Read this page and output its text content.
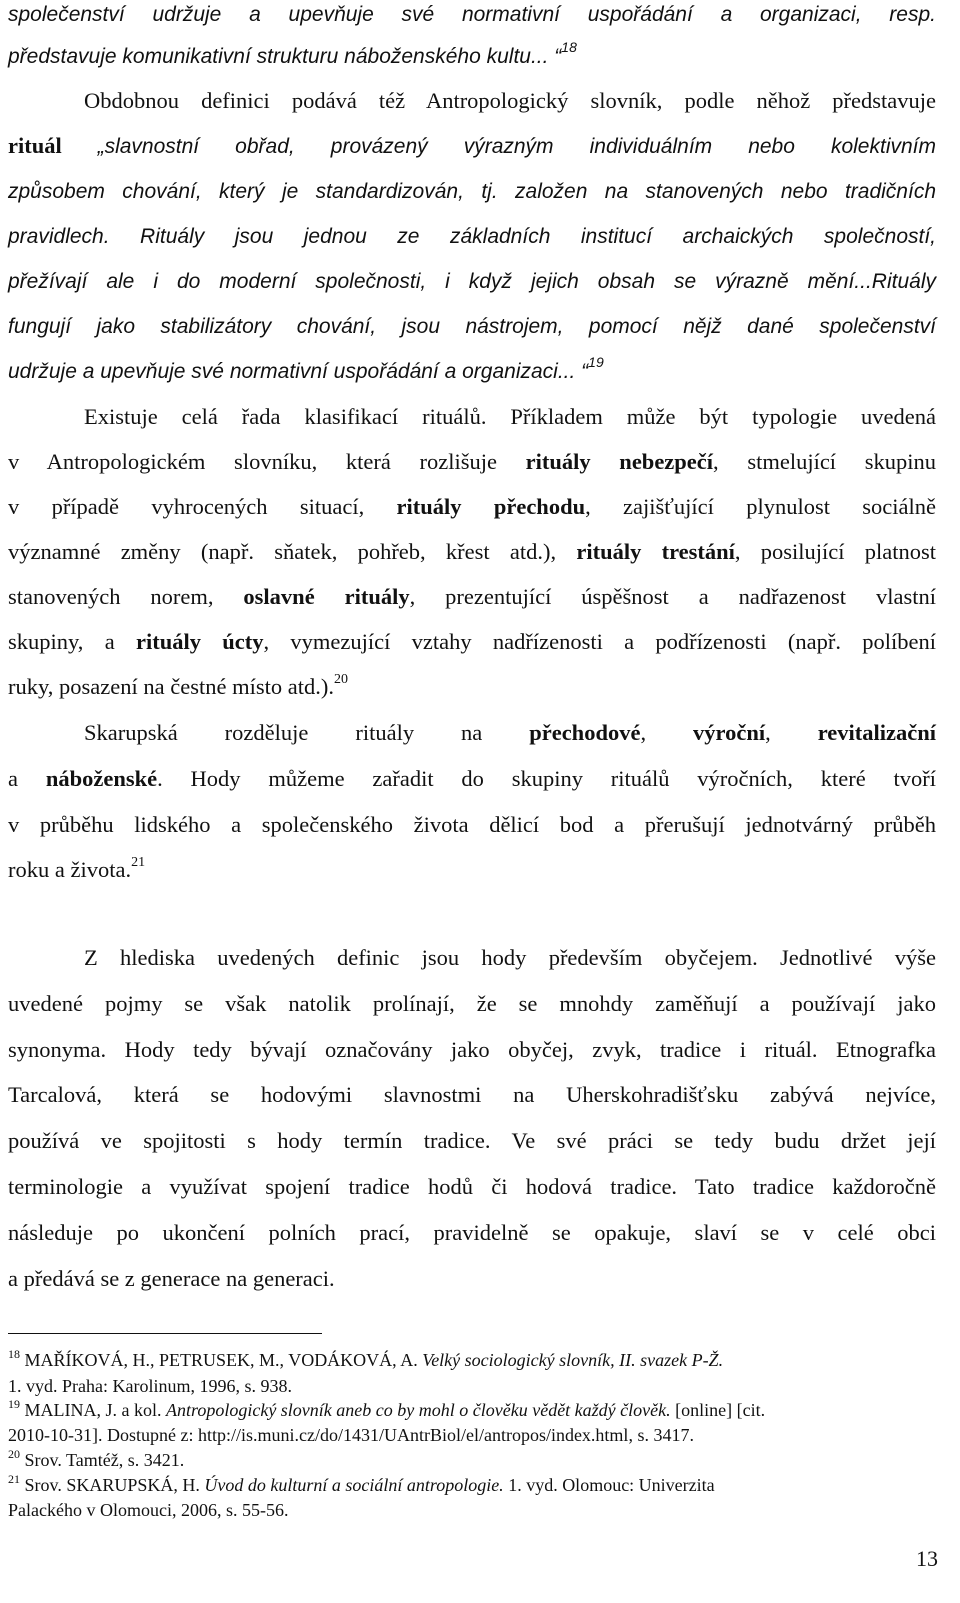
společenství udržuje a upevňuje své normativní uspořádání a organizaci, resp.

představuje komunikativní strukturu náboženského kultu... “$^{18}$

Obdobnou definici podává též Antropologický slovník, podle něhož představuje

rituál „slavnostní obřad, provázený výrazným individuálním nebo kolektivním

způsobem chování, který je standardizován, tj. založen na stanovených nebo tradičních

pravidlech. Rituály jsou jednou ze základních institucí archaických společností,

přežívají ale i do moderní společnosti, i když jejich obsah se výrazně mění...Rituály

fungují jako stabilizátory chování, jsou nástrojem, pomocí nějž dané společenství

udržuje a upevňuje své normativní uspořádání a organizaci... “$^{19}$

Existuje celá řada klasifikací rituálů. Příkladem může být typologie uvedená

v Antropologickém slovníku, která rozlišuje rituály nebezpečí, stmelující skupinu

v případě vyhrocených situací, rituály přechodu, zajišťující plynulost sociálně

významné změny (např. sňatek, pohřeb, křest atd.), rituály trestání, posilující platnost

stanovených norem, oslavné rituály, prezentující úspěšnost a nadřazenost vlastní

skupiny, a rituály úcty, vymezující vztahy nadřízenosti a podřízenosti (např. políbení

ruky, posazení na čestné místo atd.).$^{20}$

Skarupská rozděluje rituály na přechodové, výroční, revitalizační

a náboženské. Hody můžeme zařadit do skupiny rituálů výročních, které tvoří

v průběhu lidského a společenského života dělicí bod a přerušují jednotvárný průběh

roku a života.$^{21}$

Z hlediska uvedených definic jsou hody především obyčejem. Jednotlivé výše

uvedené pojmy se však natolik prolínají, že se mnohdy zaměňují a používají jako

synonyma. Hody tedy bývají označovány jako obyčej, zvyk, tradice i rituál. Etnografka

Tarcalová, která se hodovými slavnostmi na Uherskohradišťsku zabývá nejvíce,

používá ve spojitosti s hody termín tradice. Ve své práci se tedy budu držet její

terminologie a využívat spojení tradice hodů či hodová tradice. Tato tradice každoročně

následuje po ukončení polních prací, pravidelně se opakuje, slaví se v celé obci

a předává se z generace na generaci.

$^{18}$ MAŘÍKOVÁ, H., PETRUSEK, M., VODÁKOVÁ, A. Velký sociologický slovník, II. svazek P-Ž.

1. vyd. Praha: Karolinum, 1996, s. 938.

$^{19}$ MALINA, J. a kol. Antropologický slovník aneb co by mohl o člověku vědět každý člověk. [online] [cit.

2010-10-31]. Dostupné z: http://is.muni.cz/do/1431/UAntrBiol/el/antropos/index.html, s. 3417.

$^{20}$ Srov. Tamtéž, s. 3421.

$^{21}$ Srov. SKARUPSKÁ, H. Úvod do kulturní a sociální antropologie. 1. vyd. Olomouc: Univerzita

Palackého v Olomouci, 2006, s. 55-56.

13
